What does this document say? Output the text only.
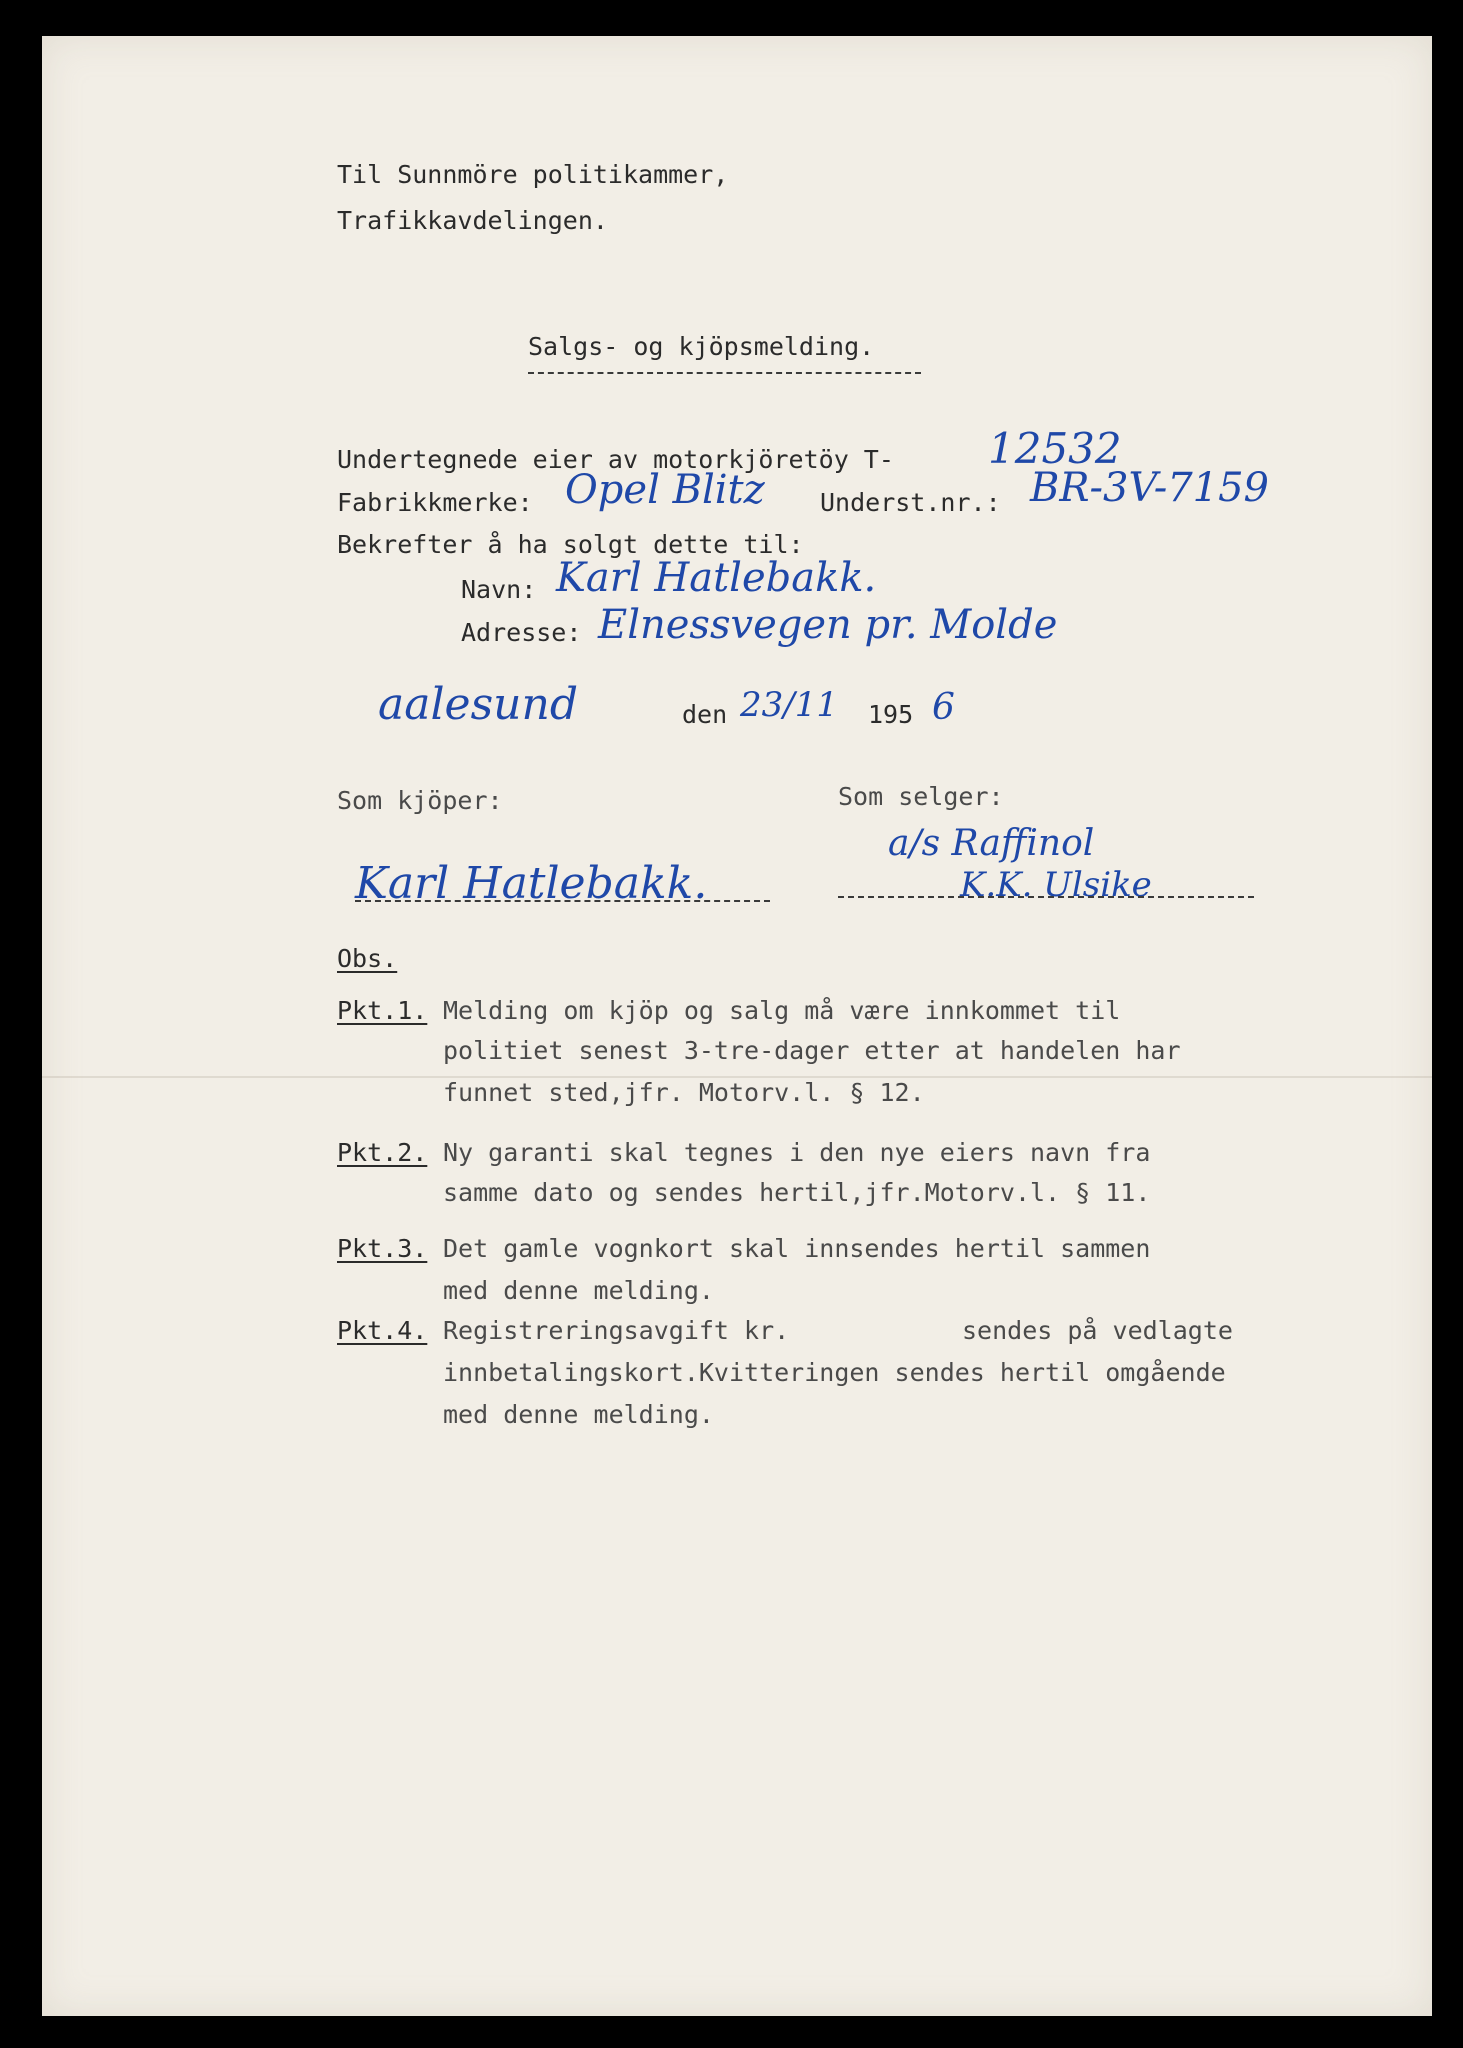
Til Sunnmöre politikammer,
Trafikkavdelingen.
Salgs- og kjöpsmelding.
Undertegnede eier av motorkjöretöy T- 12532
Fabrikkmerke: Opel Blitz Underst.nr.: BR-3V-7159
Bekrefter å ha solgt dette til:
Navn: Karl Hatlebakk.
Adresse: Elnessvegen pr. Molde
aalesund	den 23/11 195 6
Som kjöper:	Som selger:
Karl Hatlebakk.
a/s Raffinol
K.K. Ulsike
Obs.
Pkt.1. Melding om kjöp og salg må være innkommet til
politiet senest 3-tre-dager etter at handelen har
funnet sted,jfr. Motorv.l. § 12.
Pkt.2. Ny garanti skal tegnes i den nye eiers navn fra
samme dato og sendes hertil,jfr.Motorv.l. § 11.
Pkt.3. Det gamle vognkort skal innsendes hertil sammen
med denne melding.
Pkt.4. Registreringsavgift kr.	sendes på vedlagte
innbetalingskort.Kvitteringen sendes hertil omgående
med denne melding.
